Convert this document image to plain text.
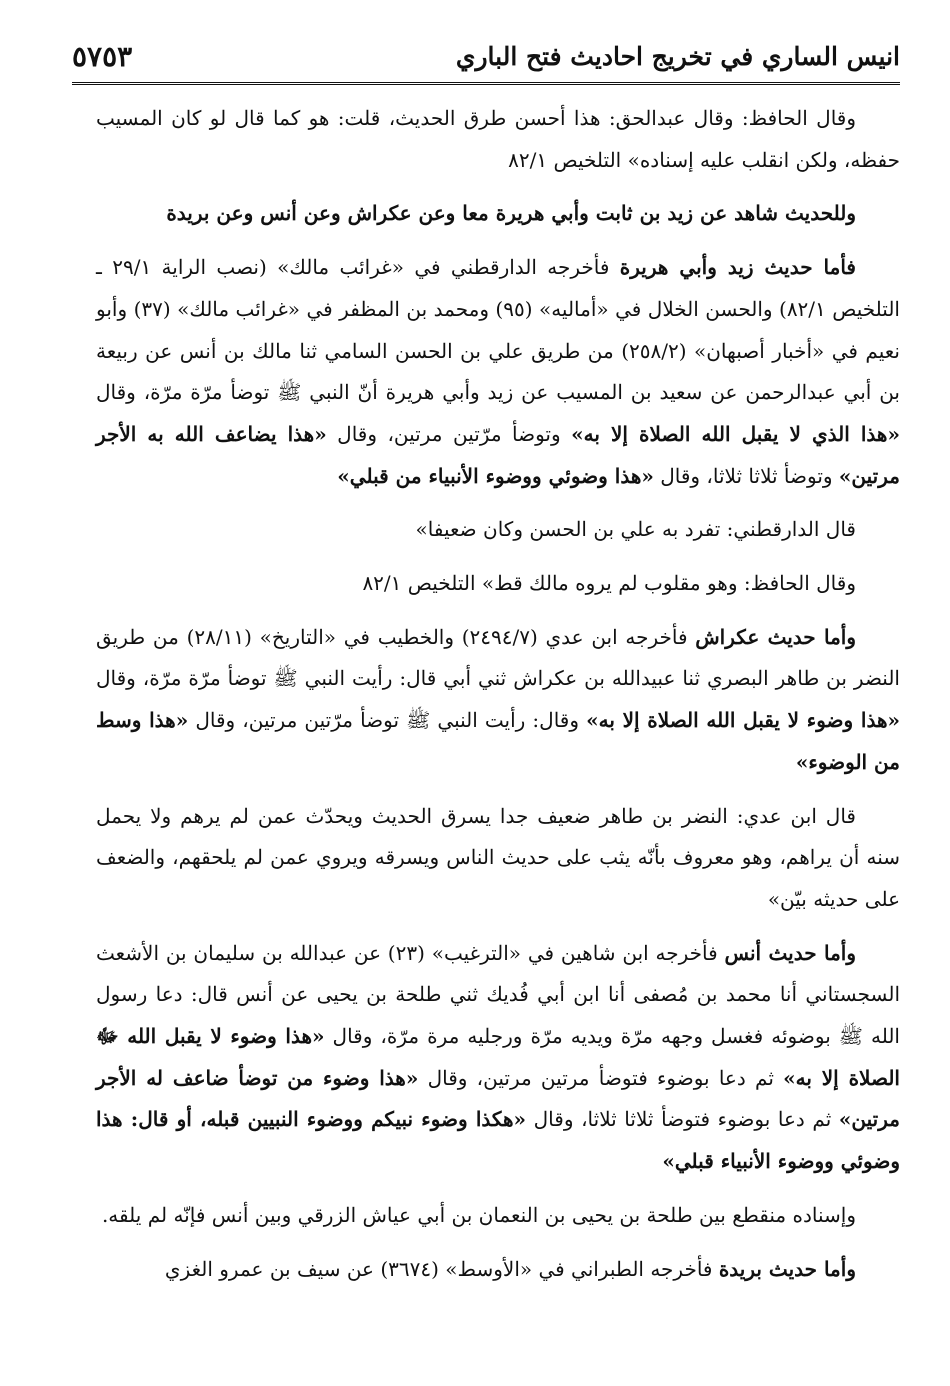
انيس الساري في تخريج احاديث فتح الباري
٥٧٥٣

وقال الحافظ: وقال عبدالحق: هذا أحسن طرق الحديث، قلت: هو كما قال لو كان المسيب حفظه، ولكن انقلب عليه إسناده» التلخيص ٨٢/١

وللحديث شاهد عن زيد بن ثابت وأبي هريرة معا وعن عكراش وعن أنس وعن بريدة

فأما حديث زيد وأبي هريرة فأخرجه الدارقطني في «غرائب مالك» (نصب الراية ٢٩/١ ـ التلخيص ٨٢/١) والحسن الخلال في «أماليه» (٩٥) ومحمد بن المظفر في «غرائب مالك» (٣٧) وأبو نعيم في «أخبار أصبهان» (٢٥٨/٢) من طريق علي بن الحسن السامي ثنا مالك بن أنس عن ربيعة بن أبي عبدالرحمن عن سعيد بن المسيب عن زيد وأبي هريرة أنّ النبي ﷺ توضأ مرّة مرّة، وقال «هذا الذي لا يقبل الله الصلاة إلا به» وتوضأ مرّتين مرتين، وقال «هذا يضاعف الله به الأجر مرتين» وتوضأ ثلاثا ثلاثا، وقال «هذا وضوئي ووضوء الأنبياء من قبلي»

قال الدارقطني: تفرد به علي بن الحسن وكان ضعيفا»

وقال الحافظ: وهو مقلوب لم يروه مالك قط» التلخيص ٨٢/١

وأما حديث عكراش فأخرجه ابن عدي (٢٤٩٤/٧) والخطيب في «التاريخ» (٢٨/١١) من طريق النضر بن طاهر البصري ثنا عبيدالله بن عكراش ثني أبي قال: رأيت النبي ﷺ توضأ مرّة مرّة، وقال «هذا وضوء لا يقبل الله الصلاة إلا به» وقال: رأيت النبي ﷺ توضأ مرّتين مرتين، وقال «هذا وسط من الوضوء»

قال ابن عدي: النضر بن طاهر ضعيف جدا يسرق الحديث ويحدّث عمن لم يرهم ولا يحمل سنه أن يراهم، وهو معروف بأنّه يثب على حديث الناس ويسرقه ويروي عمن لم يلحقهم، والضعف على حديثه بيّن»

وأما حديث أنس فأخرجه ابن شاهين في «الترغيب» (٢٣) عن عبدالله بن سليمان بن الأشعث السجستاني أنا محمد بن مُصفى أنا ابن أبي فُديك ثني طلحة بن يحيى عن أنس قال: دعا رسول الله ﷺ بوضوئه فغسل وجهه مرّة ويديه مرّة ورجليه مرة مرّة، وقال «هذا وضوء لا يقبل الله ﷻ الصلاة إلا به» ثم دعا بوضوء فتوضأ مرتين مرتين، وقال «هذا وضوء من توضأ ضاعف له الأجر مرتين» ثم دعا بوضوء فتوضأ ثلاثا ثلاثا، وقال «هكذا وضوء نبيكم ووضوء النبيين قبله، أو قال: هذا وضوئي ووضوء الأنبياء قبلي»

وإسناده منقطع بين طلحة بن يحيى بن النعمان بن أبي عياش الزرقي وبين أنس فإنّه لم يلقه.

وأما حديث بريدة فأخرجه الطبراني في «الأوسط» (٣٦٧٤) عن سيف بن عمرو الغزي
